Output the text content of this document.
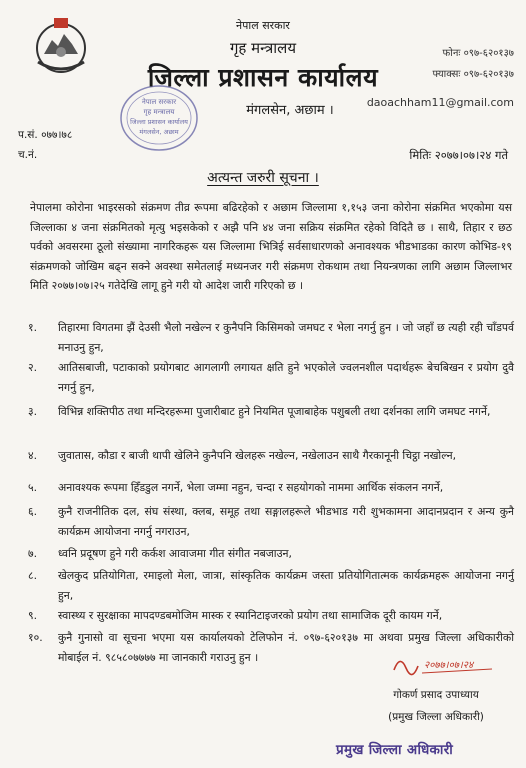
नेपाल सरकार
गृह मन्त्रालय
जिल्ला प्रशासन कार्यालय
मंगलसेन, अछाम
नेपाल सरकार
गृह मन्त्रालय
जिल्ला प्रशासन कार्यालय
मंगलसेन, अछाम ।
फोनः ०९७-६२०१३७
फ्याक्सः ०९७-६२०१३७
daoachham11@gmail.com
प.सं. ०७७।७८
च.नं.	मितिः २०७७।०७।२४ गते
अत्यन्त जरुरी सूचना ।
नेपालमा कोरोना भाइरसको संक्रमण तीव्र रूपमा बढिरहेको र अछाम जिल्लामा १,१५३ जना कोरोना संक्रमित भएकोमा यस जिल्लाका ४ जना संक्रमितको मृत्यु भइसकेको र अझै पनि ४४ जना सक्रिय संक्रमित रहेको विदितै छ । साथै, तिहार र छठ पर्वको अवसरमा ठूलो संख्यामा नागरिकहरू यस जिल्लामा भित्रिई सर्वसाधारणको अनावश्यक भीडभाडका कारण कोभिड-१९ संक्रमणको जोखिम बढ्न सक्ने अवस्था समेतलाई मध्यनजर गरी संक्रमण रोकथाम तथा नियन्त्रणका लागि अछाम जिल्लाभर मिति २०७७।०७।२५ गतेदेखि लागू हुने गरी यो आदेश जारी गरिएको छ ।
१.	तिहारमा विगतमा झैं देउसी भैलो नखेल्न र कुनैपनि किसिमको जमघट र भेला नगर्नु हुन । जो जहाँ छ त्यही रही चाँडपर्व मनाउनु हुन,
२.	आतिसबाजी, पटाकाको प्रयोगबाट आगलागी लगायत क्षति हुने भएकोले ज्वलनशील पदार्थहरू बेचबिखन र प्रयोग दुवै नगर्नु हुन,
३.	विभिन्न शक्तिपीठ तथा मन्दिरहरूमा पुजारीबाट हुने नियमित पूजाबाहेक पशुबली तथा दर्शनका लागि जमघट नगर्ने,
४.	जुवातास, कौडा र बाजी थापी खेलिने कुनैपनि खेलहरू नखेल्न, नखेलाउन साथै गैरकानूनी चिट्ठा नखोल्न,
५.	अनावश्यक रूपमा हिँडडुल नगर्ने, भेला जम्मा नहुन, चन्दा र सहयोगको नाममा आर्थिक संकलन नगर्ने,
६.	कुनै राजनीतिक दल, संघ संस्था, क्लब, समूह तथा सङ्गालहरूले भीडभाड गरी शुभकामना आदानप्रदान र अन्य कुनै कार्यक्रम आयोजना नगर्नु नगराउन,
७.	ध्वनि प्रदूषण हुने गरी कर्कश आवाजमा गीत संगीत नबजाउन,
८.	खेलकुद प्रतियोगिता, रमाइलो मेला, जात्रा, सांस्कृतिक कार्यक्रम जस्ता प्रतियोगितात्मक कार्यक्रमहरू आयोजना नगर्नु हुन,
९.	स्वास्थ्य र सुरक्षाका मापदण्डबमोजिम मास्क र स्यानिटाइजरको प्रयोग तथा सामाजिक दूरी कायम गर्ने,
१०.	कुनै गुनासो वा सूचना भएमा यस कार्यालयको टेलिफोन नं. ०९७-६२०१३७ मा अथवा प्रमुख जिल्ला अधिकारीको मोबाईल नं. ९८५८०७७७७ मा जानकारी गराउनु हुन ।
२०७७।०७।२४
गोकर्ण प्रसाद उपाध्याय
(प्रमुख जिल्ला अधिकारी)
प्रमुख जिल्ला अधिकारी
